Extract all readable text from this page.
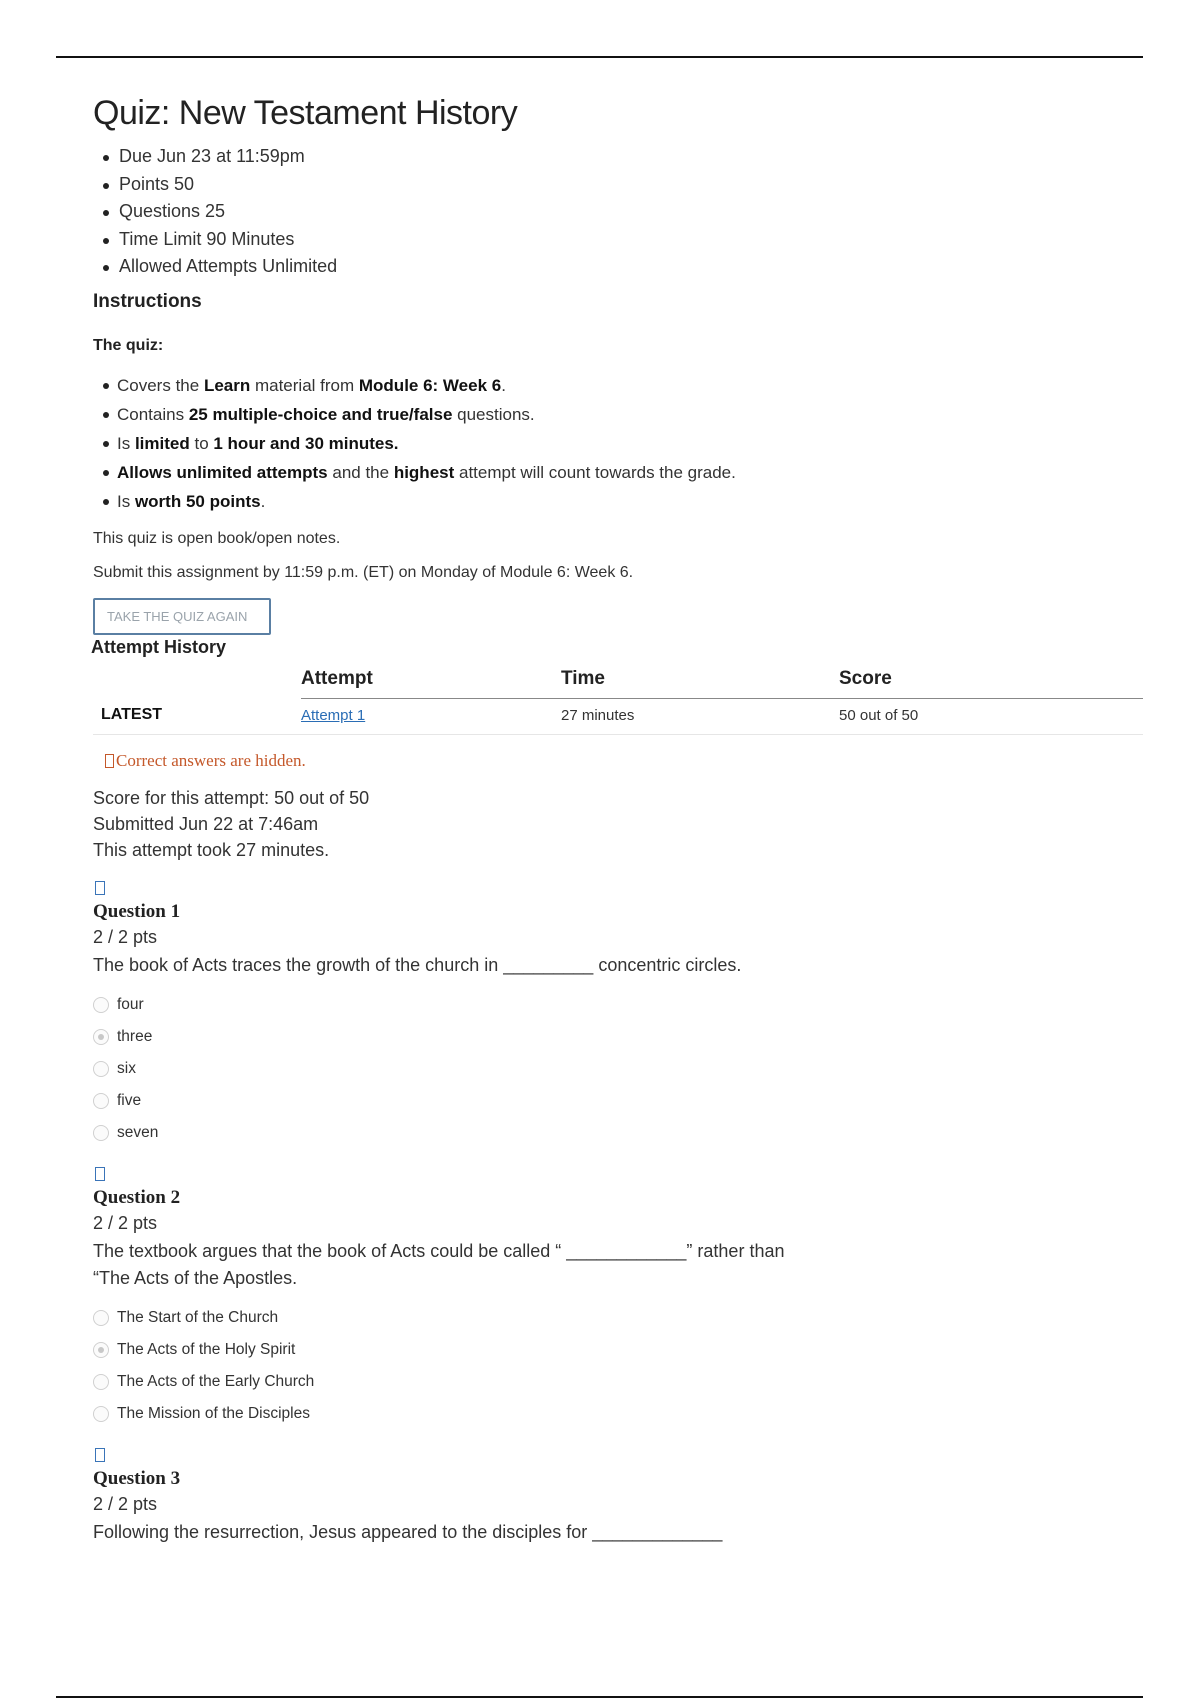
Quiz: New Testament History
Due Jun 23 at 11:59pm
Points 50
Questions 25
Time Limit 90 Minutes
Allowed Attempts Unlimited
Instructions
The quiz:
Covers the Learn material from Module 6: Week 6.
Contains 25 multiple-choice and true/false questions.
Is limited to 1 hour and 30 minutes.
Allows unlimited attempts and the highest attempt will count towards the grade.
Is worth 50 points.

This quiz is open book/open notes.

Submit this assignment by 11:59 p.m. (ET) on Monday of Module 6: Week 6.

TAKE THE QUIZ AGAIN
Attempt History
	Attempt	Time	Score
LATEST	Attempt 1	27 minutes	50 out of 50
Correct answers are hidden.
Score for this attempt: 50 out of 50
Submitted Jun 22 at 7:46am
This attempt took 27 minutes.
Question 1
2 / 2 pts
The book of Acts traces the growth of the church in _________ concentric circles.
four
three
six
five
seven
Question 2
2 / 2 pts
The textbook argues that the book of Acts could be called “ ____________” rather than
“The Acts of the Apostles.
The Start of the Church
The Acts of the Holy Spirit
The Acts of the Early Church
The Mission of the Disciples
Question 3
2 / 2 pts
Following the resurrection, Jesus appeared to the disciples for _____________
